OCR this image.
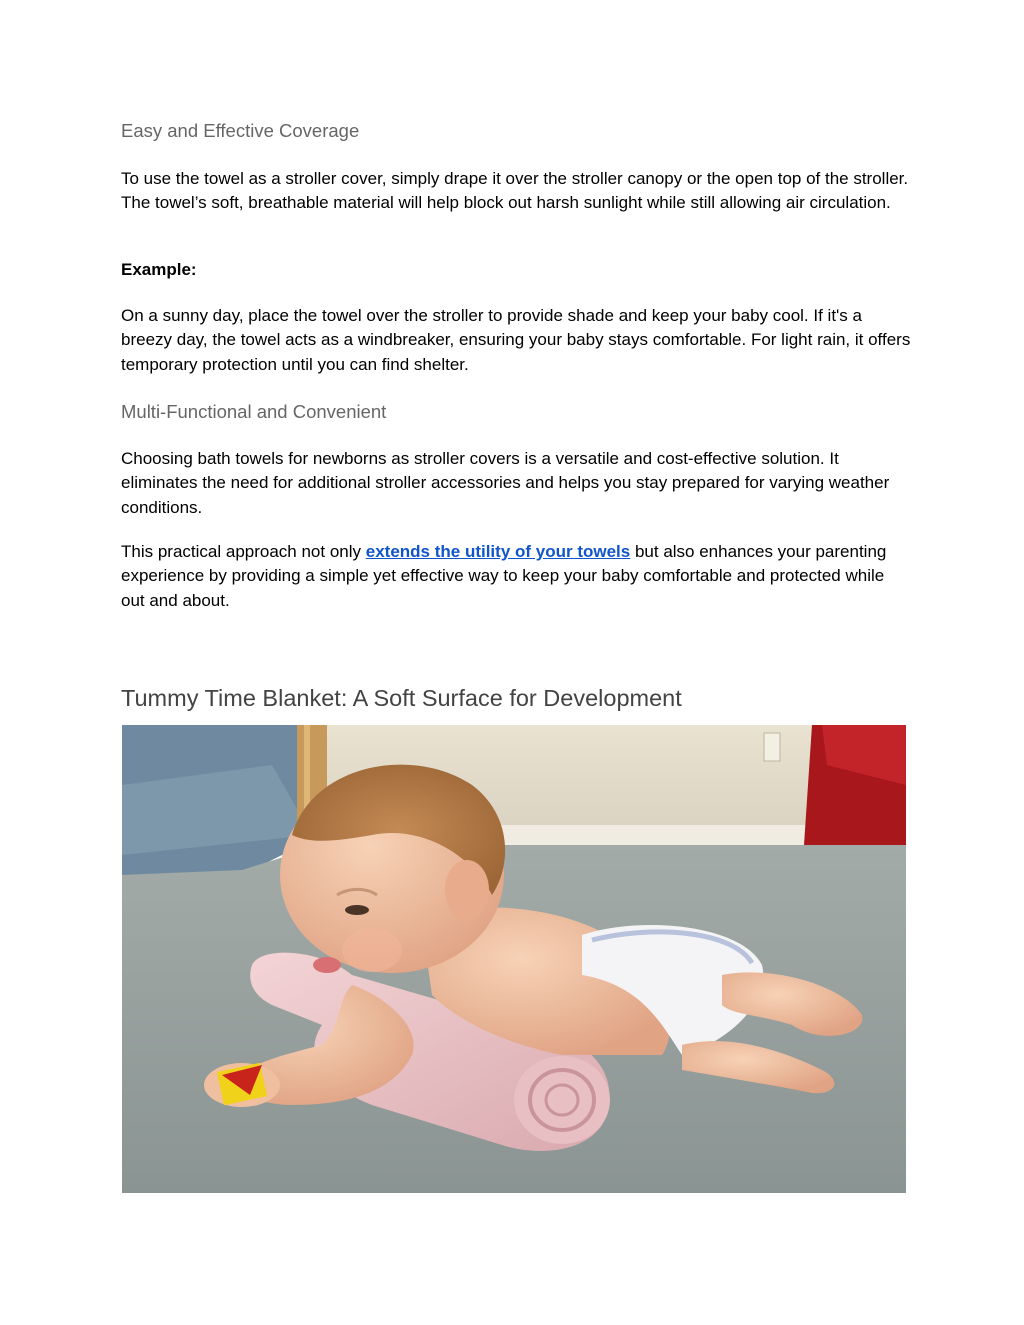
Easy and Effective Coverage

To use the towel as a stroller cover, simply drape it over the stroller canopy or the open top of the stroller. The towel’s soft, breathable material will help block out harsh sunlight while still allowing air circulation.

Example:

On a sunny day, place the towel over the stroller to provide shade and keep your baby cool. If it's a breezy day, the towel acts as a windbreaker, ensuring your baby stays comfortable. For light rain, it offers temporary protection until you can find shelter.

Multi-Functional and Convenient

Choosing bath towels for newborns as stroller covers is a versatile and cost-effective solution. It eliminates the need for additional stroller accessories and helps you stay prepared for varying weather conditions.

This practical approach not only extends the utility of your towels but also enhances your parenting experience by providing a simple yet effective way to keep your baby comfortable and protected while out and about.

Tummy Time Blanket: A Soft Surface for Development
